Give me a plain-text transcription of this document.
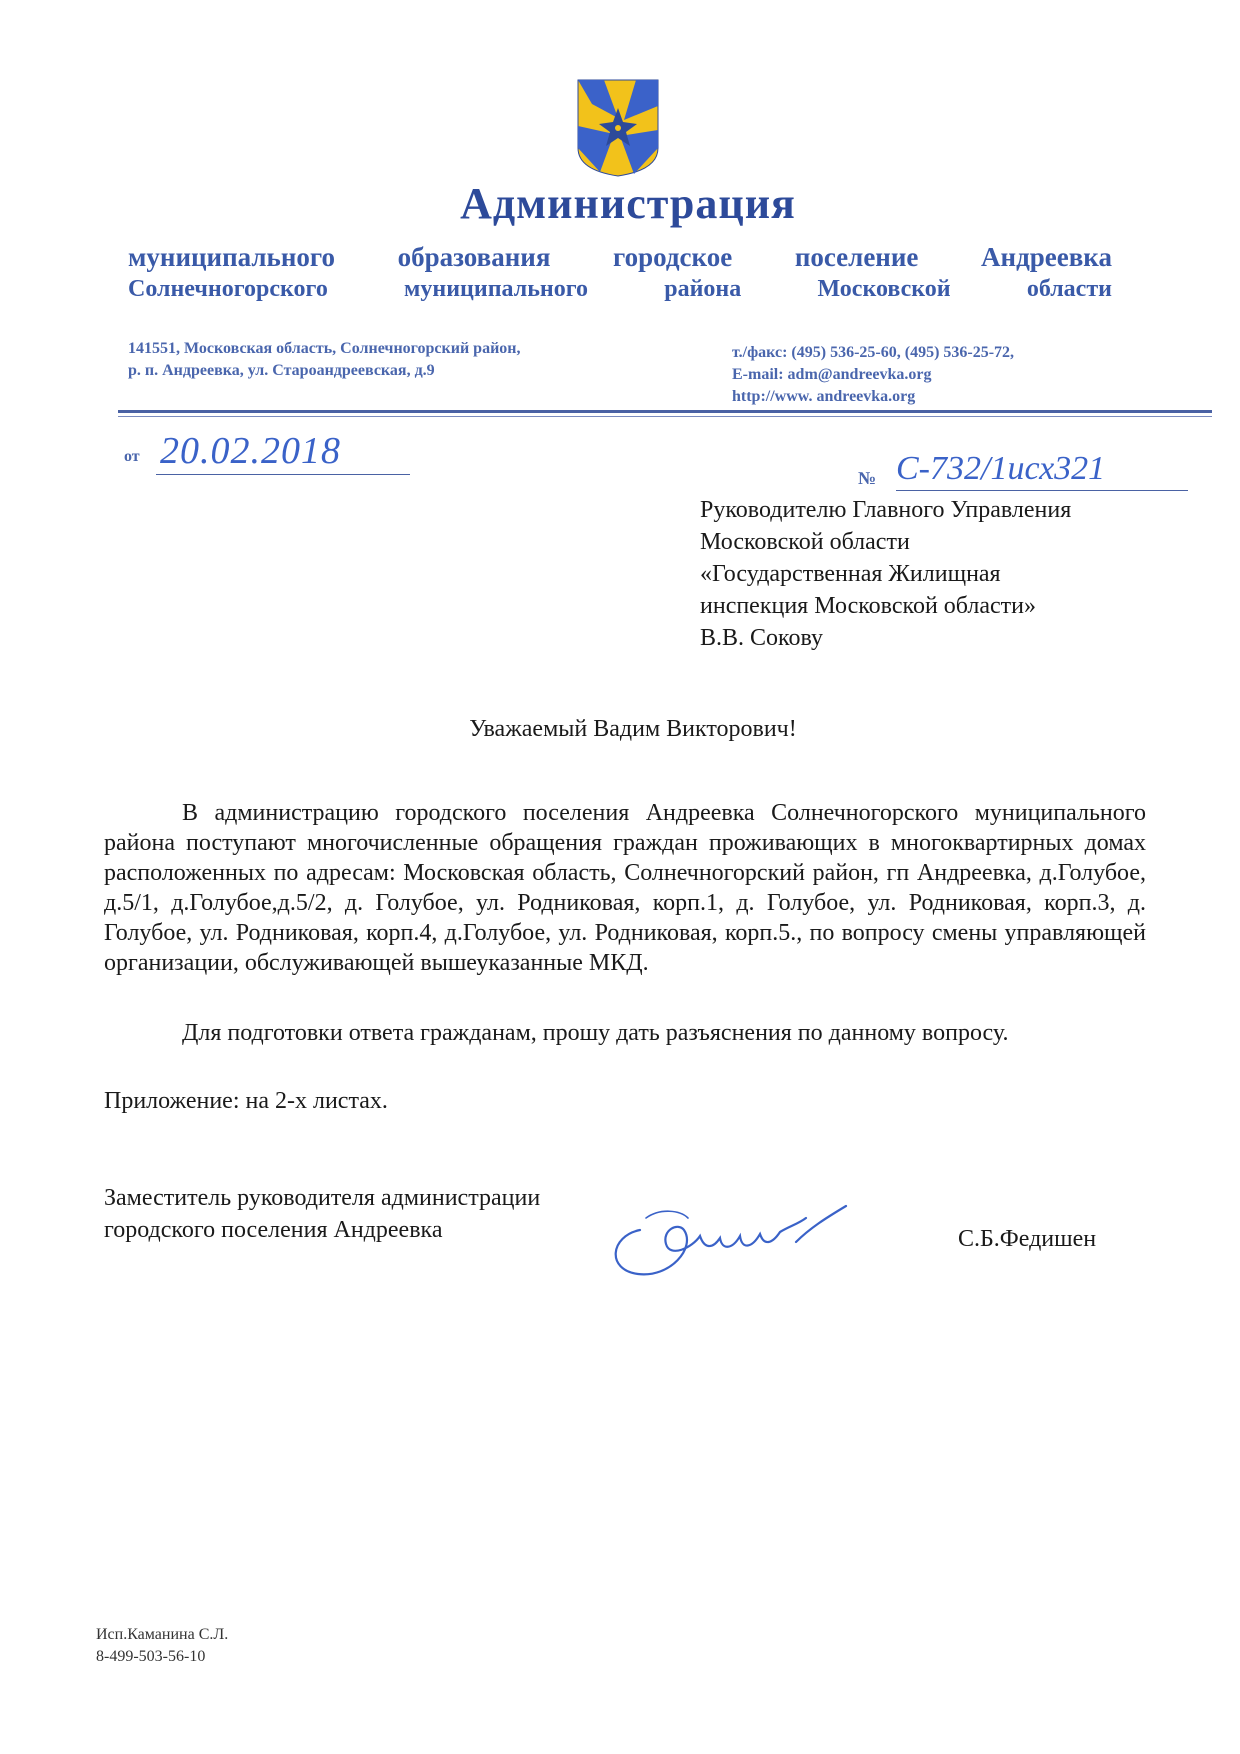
Администрация
муниципального образования городское поселение Андреевка
Солнечногорского	муниципального	района	Московской	области
141551, Московская область, Солнечногорский район,
р. п. Андреевка, ул. Староандреевская, д.9
т./факс: (495) 536-25-60, (495) 536-25-72,
E-mail: adm@andreevka.org
http://www. andreevka.org
от 20.02.2018
№ С-732/1исх321
Руководителю Главного Управления
Московской области
«Государственная Жилищная
инспекция Московской области»
В.В. Сокову
Уважаемый Вадим Викторович!

В администрацию городского поселения Андреевка Солнечногорского муниципального района поступают многочисленные обращения граждан проживающих в многоквартирных домах расположенных по адресам: Московская область, Солнечногорский район, гп Андреевка, д.Голубое, д.5/1, д.Голубое,д.5/2, д. Голубое, ул. Родниковая, корп.1, д. Голубое, ул. Родниковая, корп.3, д. Голубое, ул. Родниковая, корп.4, д.Голубое, ул. Родниковая, корп.5., по вопросу смены управляющей организации, обслуживающей вышеуказанные МКД.

Для подготовки ответа гражданам, прошу дать разъяснения по данному вопросу.

Приложение: на 2-х листах.
Заместитель руководителя администрации
городского поселения Андреевка	С.Б.Федишен
Исп.Каманина С.Л.
8-499-503-56-10
